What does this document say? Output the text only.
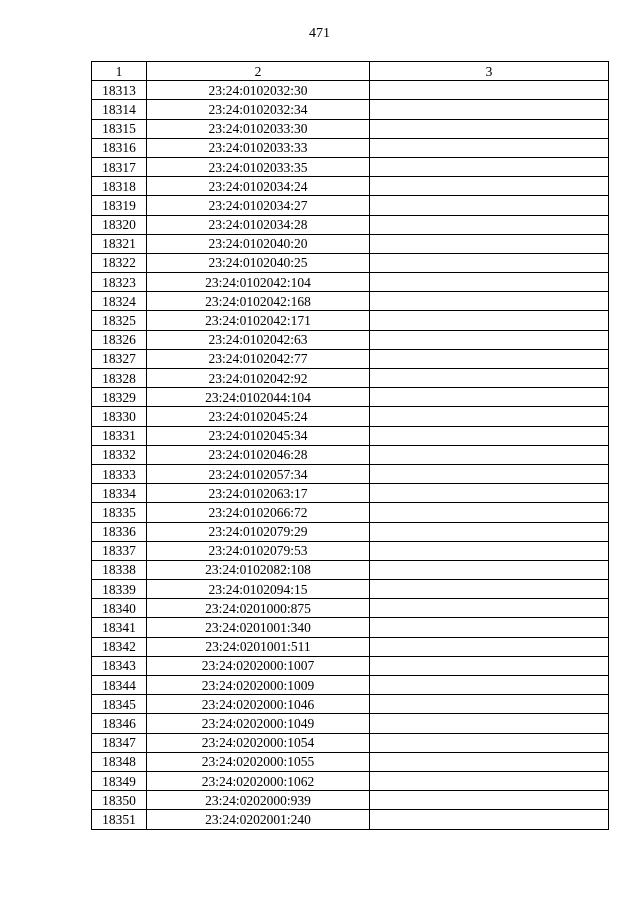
471
1	2	3
18313	23:24:0102032:30	
18314	23:24:0102032:34	
18315	23:24:0102033:30	
18316	23:24:0102033:33	
18317	23:24:0102033:35	
18318	23:24:0102034:24	
18319	23:24:0102034:27	
18320	23:24:0102034:28	
18321	23:24:0102040:20	
18322	23:24:0102040:25	
18323	23:24:0102042:104	
18324	23:24:0102042:168	
18325	23:24:0102042:171	
18326	23:24:0102042:63	
18327	23:24:0102042:77	
18328	23:24:0102042:92	
18329	23:24:0102044:104	
18330	23:24:0102045:24	
18331	23:24:0102045:34	
18332	23:24:0102046:28	
18333	23:24:0102057:34	
18334	23:24:0102063:17	
18335	23:24:0102066:72	
18336	23:24:0102079:29	
18337	23:24:0102079:53	
18338	23:24:0102082:108	
18339	23:24:0102094:15	
18340	23:24:0201000:875	
18341	23:24:0201001:340	
18342	23:24:0201001:511	
18343	23:24:0202000:1007	
18344	23:24:0202000:1009	
18345	23:24:0202000:1046	
18346	23:24:0202000:1049	
18347	23:24:0202000:1054	
18348	23:24:0202000:1055	
18349	23:24:0202000:1062	
18350	23:24:0202000:939	
18351	23:24:0202001:240	
